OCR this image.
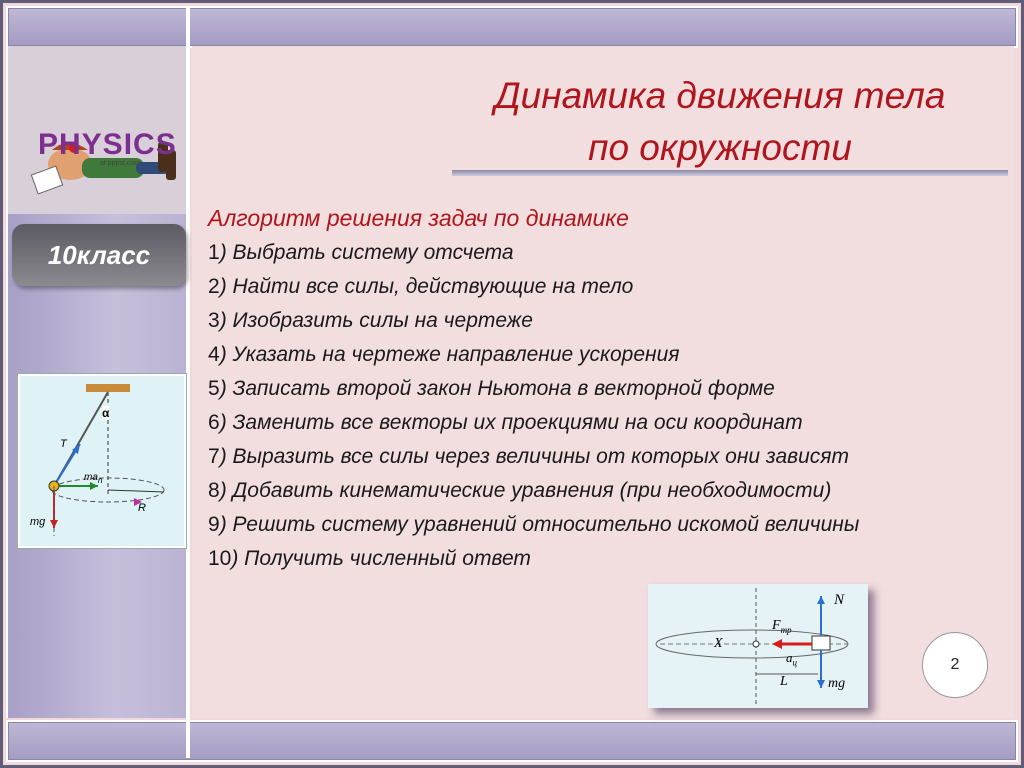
PHYSICS
at pppst.com
Динамика движения тела
по окружности
10класс
Алгоритм решения задач по динамике
1) Выбрать систему отсчета
2) Найти все силы, действующие на тело
3) Изобразить силы на чертеже
4) Указать на чертеже направление ускорения
5) Записать второй закон Ньютона в векторной форме
6) Заменить все векторы их проекциями на оси координат
7) Выразить все силы через величины от которых они зависят
8) Добавить кинематические уравнения (при необходимости)
9) Решить систему уравнений относительно искомой величины
10) Получить численный ответ
α
T
$ma_n$
mg
R
N
$F_{тр}$
X
$a_ц$
L	mg
2
